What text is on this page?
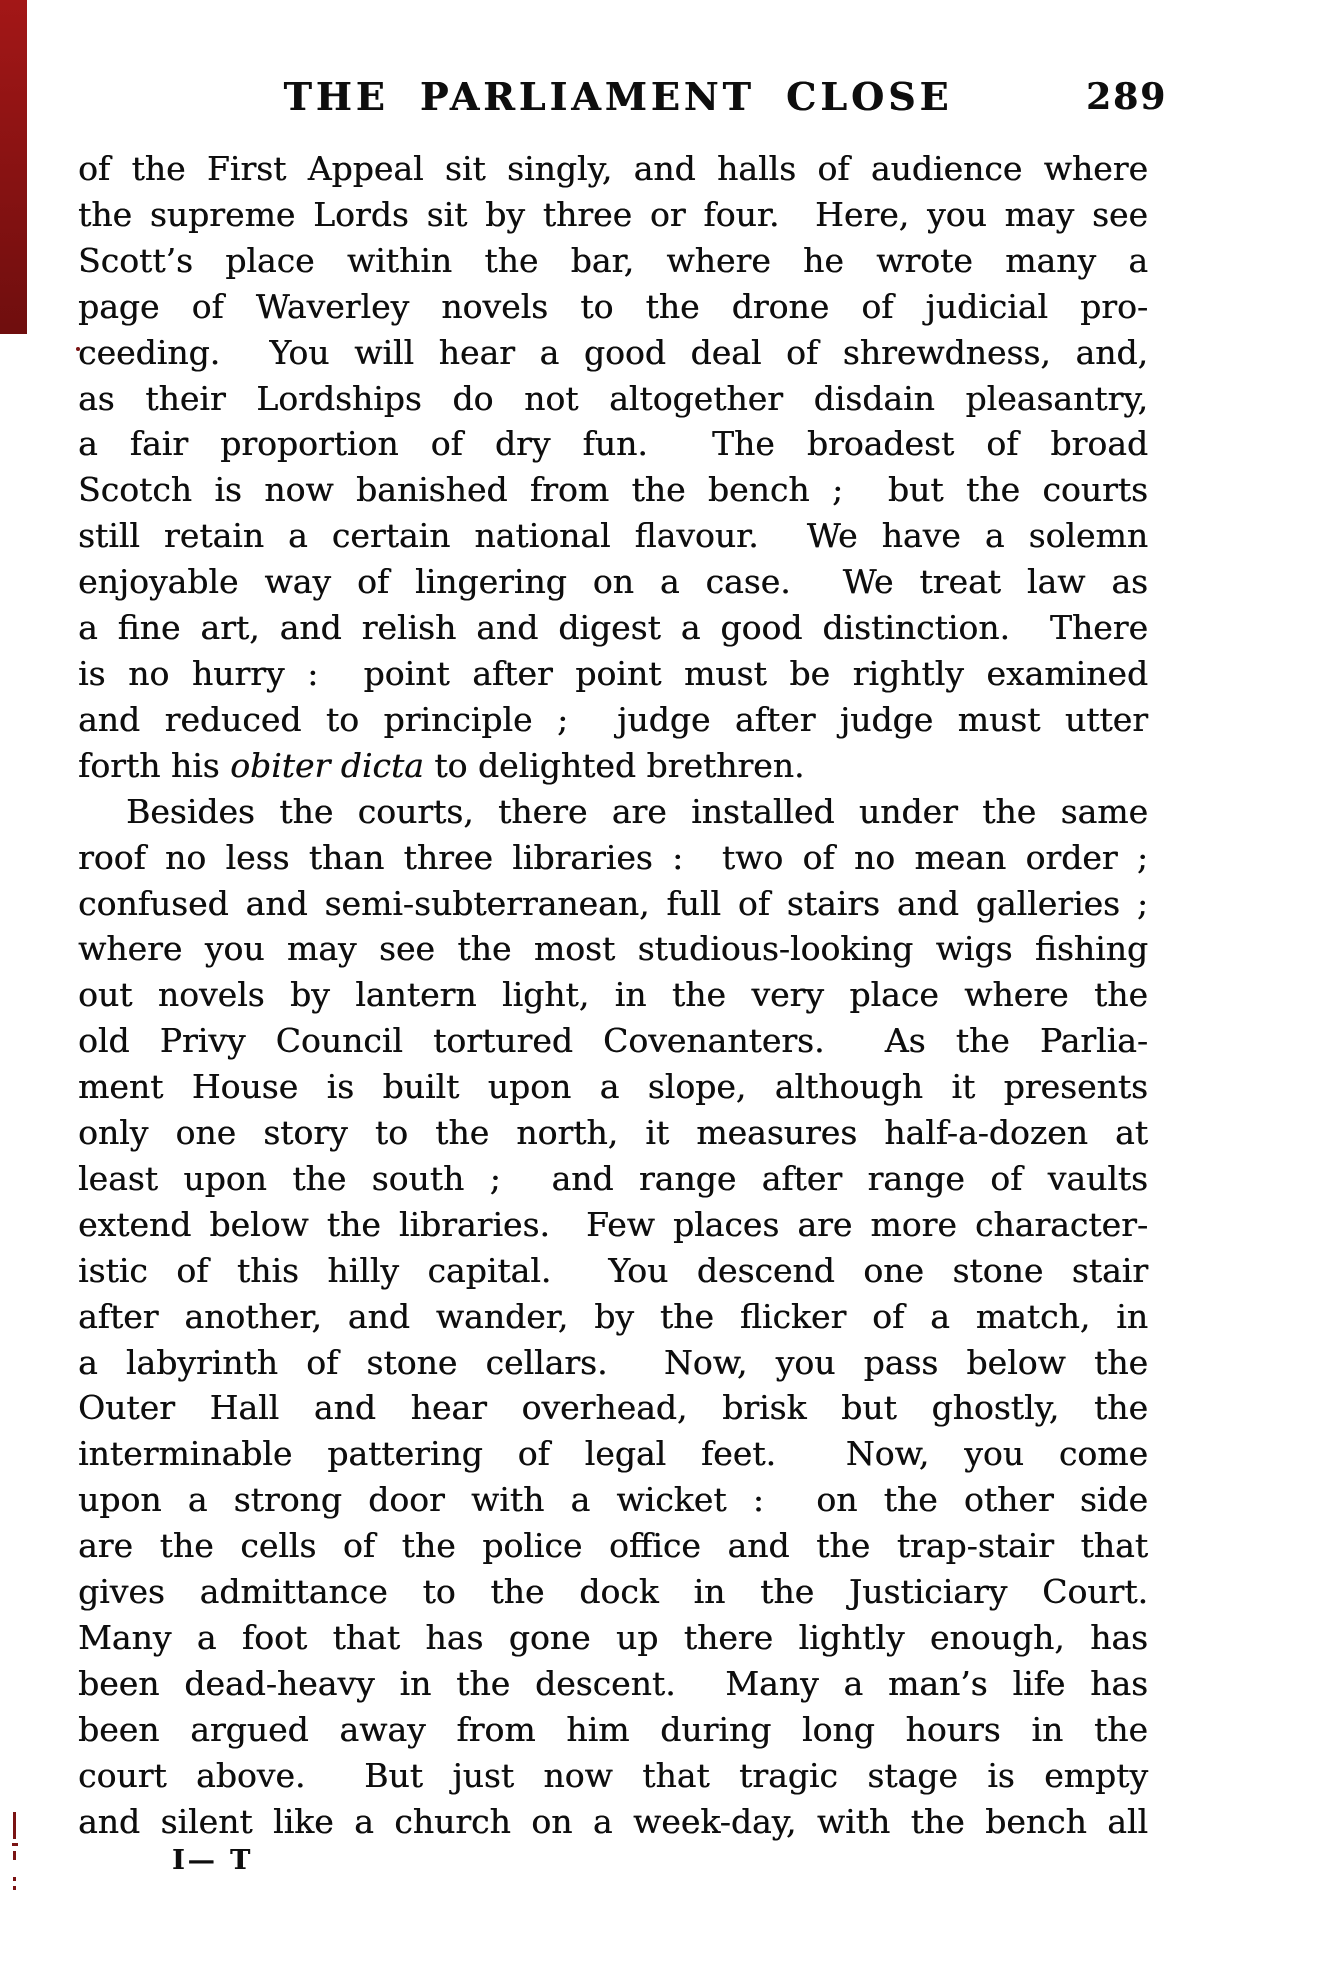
THE PARLIAMENT CLOSE	289
of the First Appeal sit singly, and halls of audience where
the supreme Lords sit by three or four.  Here, you may see
Scott’s place within the bar, where he wrote many a
page of Waverley novels to the drone of judicial pro-
ceeding.  You will hear a good deal of shrewdness, and,
as their Lordships do not altogether disdain pleasantry,
a fair proportion of dry fun.  The broadest of broad
Scotch is now banished from the bench ;  but the courts
still retain a certain national flavour.  We have a solemn
enjoyable way of lingering on a case.  We treat law as
a fine art, and relish and digest a good distinction.  There
is no hurry :  point after point must be rightly examined
and reduced to principle ;  judge after judge must utter
forth his obiter dicta to delighted brethren.
Besides the courts, there are installed under the same
roof no less than three libraries :  two of no mean order ;
confused and semi-subterranean, full of stairs and galleries ;
where you may see the most studious-looking wigs fishing
out novels by lantern light, in the very place where the
old Privy Council tortured Covenanters.  As the Parlia-
ment House is built upon a slope, although it presents
only one story to the north, it measures half-a-dozen at
least upon the south ;  and range after range of vaults
extend below the libraries.  Few places are more character-
istic of this hilly capital.  You descend one stone stair
after another, and wander, by the flicker of a match, in
a labyrinth of stone cellars.  Now, you pass below the
Outer Hall and hear overhead, brisk but ghostly, the
interminable pattering of legal feet.  Now, you come
upon a strong door with a wicket :  on the other side
are the cells of the police office and the trap-stair that
gives admittance to the dock in the Justiciary Court.
Many a foot that has gone up there lightly enough, has
been dead-heavy in the descent.  Many a man’s life has
been argued away from him during long hours in the
court above.  But just now that tragic stage is empty
and silent like a church on a week-day, with the bench all
I— T
